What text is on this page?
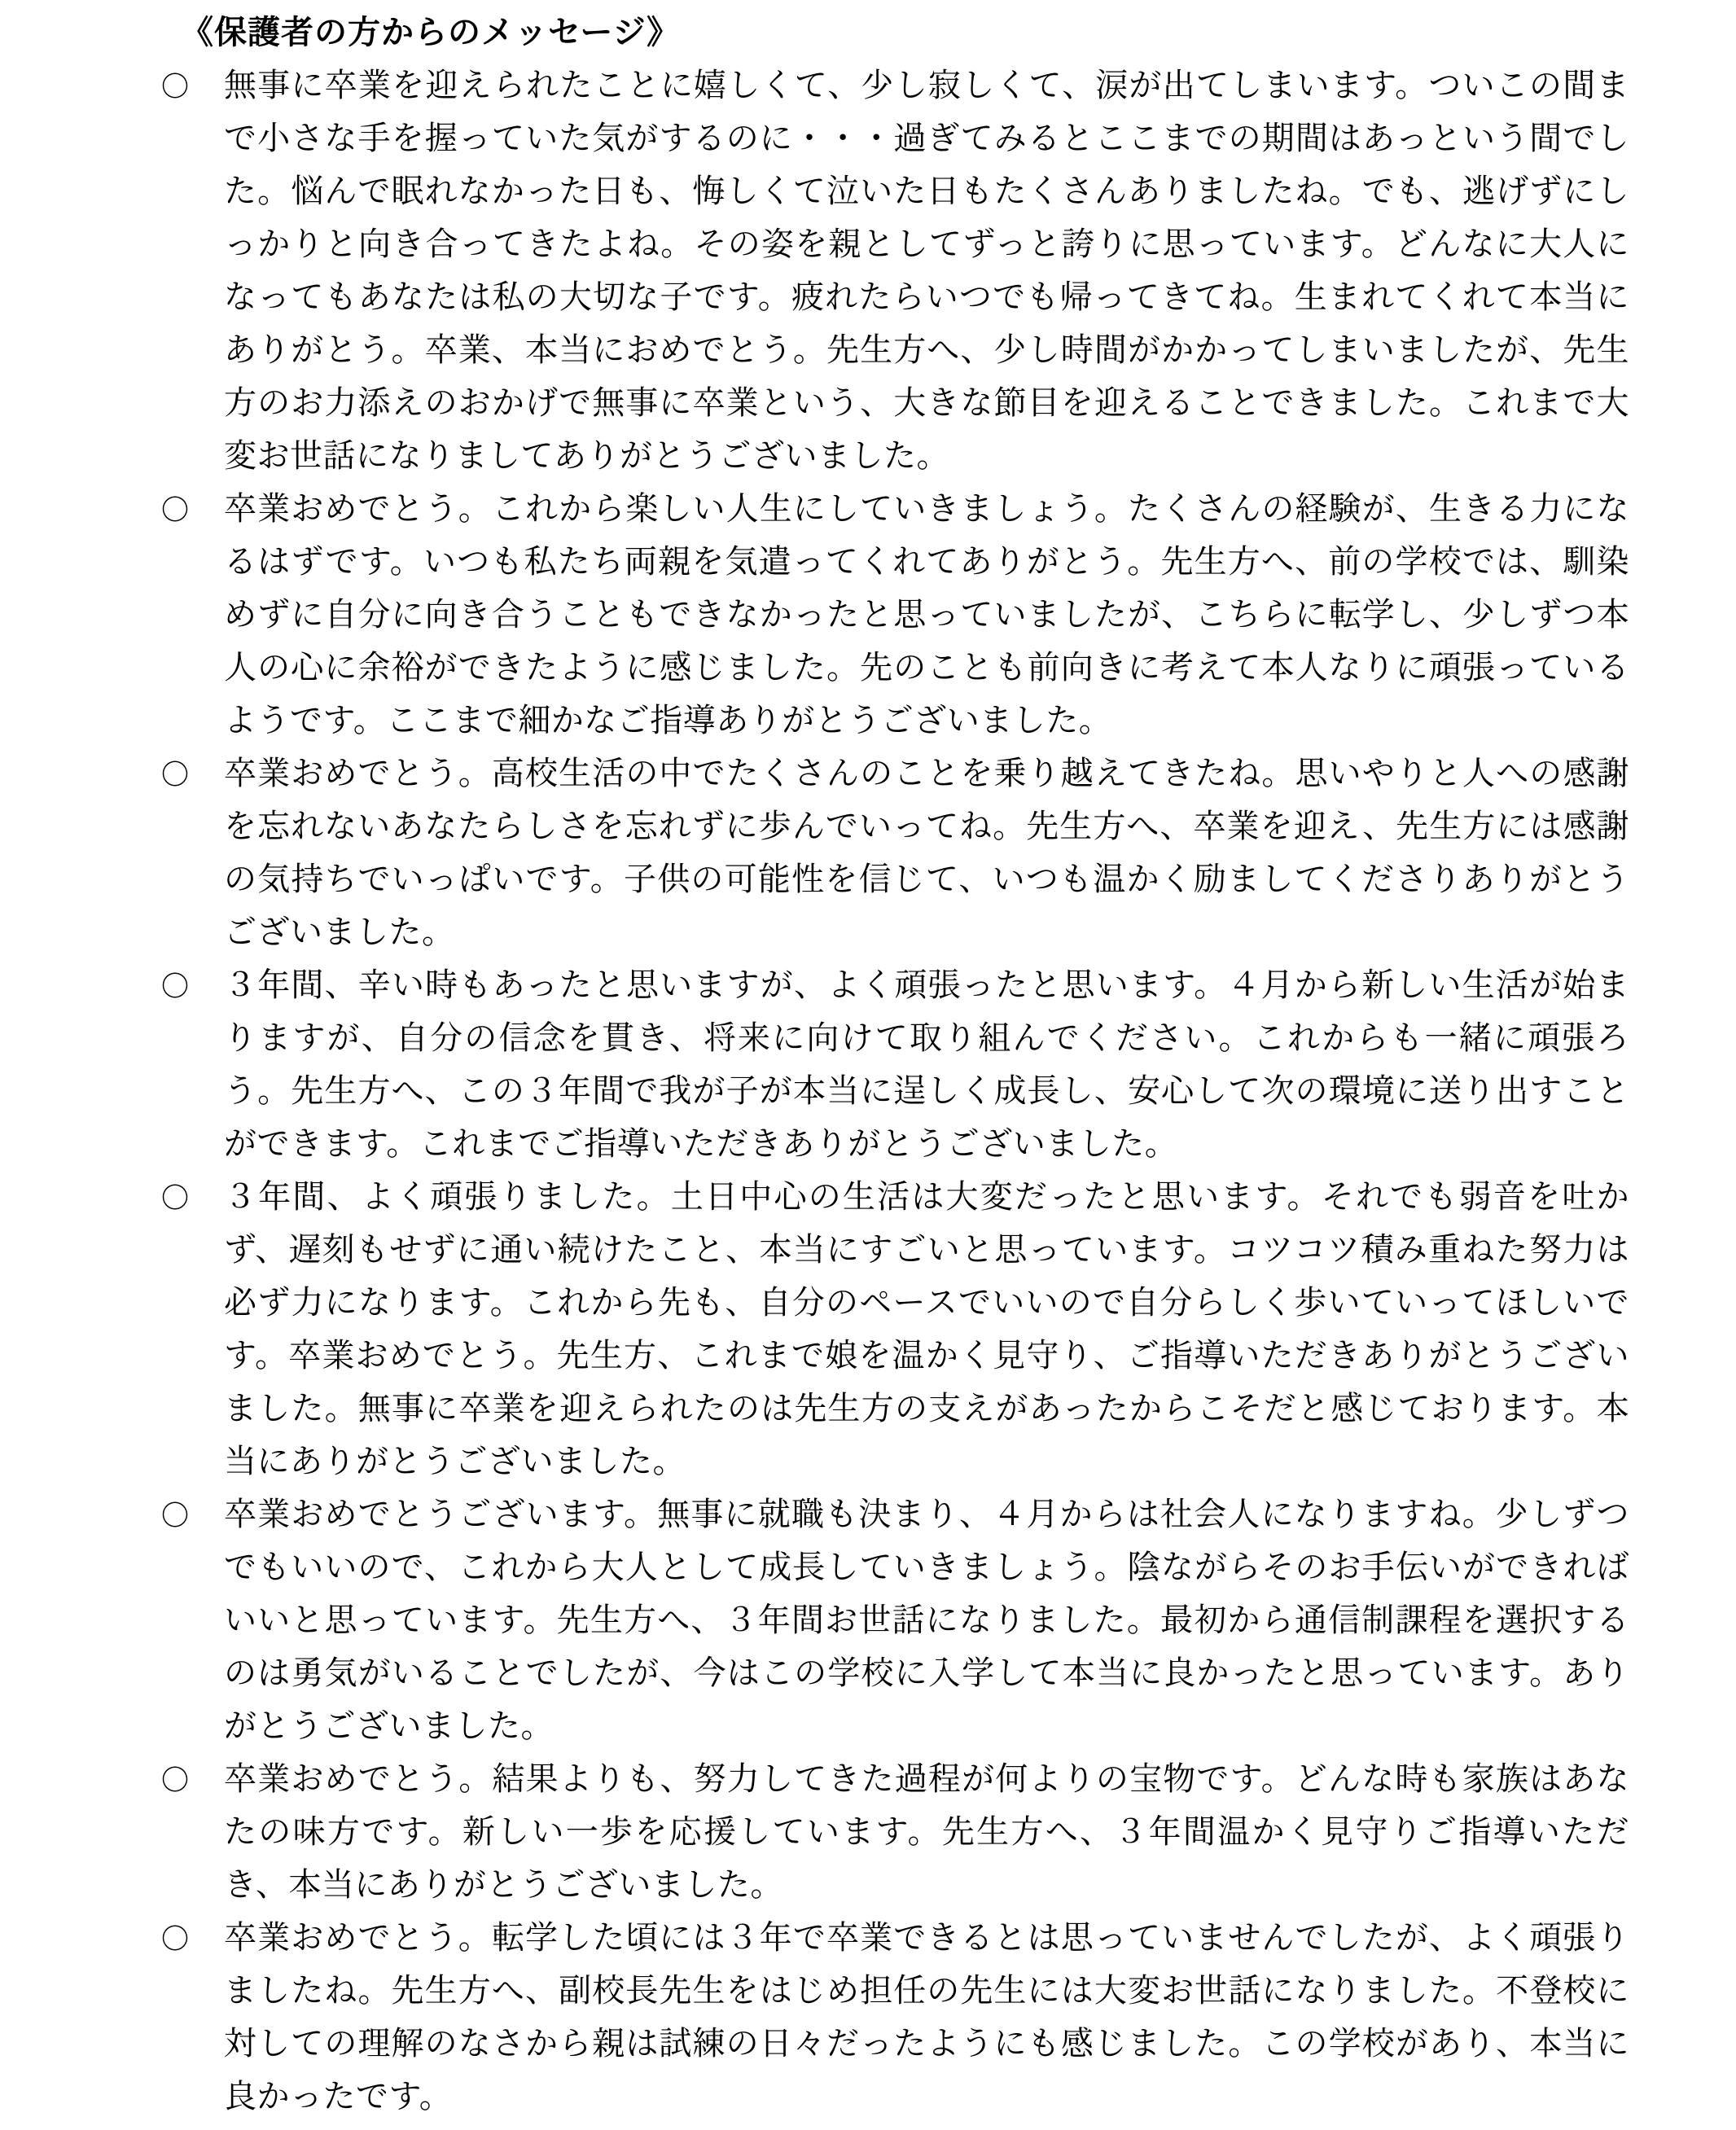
《保護者の方からのメッセージ》
〇	無事に卒業を迎えられたことに嬉しくて、少し寂しくて、涙が出てしまいます。ついこの間まで小さな手を握っていた気がするのに・・・過ぎてみるとここまでの期間はあっという間でした。悩んで眠れなかった日も、悔しくて泣いた日もたくさんありましたね。でも、逃げずにしっかりと向き合ってきたよね。その姿を親としてずっと誇りに思っています。どんなに大人になってもあなたは私の大切な子です。疲れたらいつでも帰ってきてね。生まれてくれて本当にありがとう。卒業、本当におめでとう。先生方へ、少し時間がかかってしまいましたが、先生方のお力添えのおかげで無事に卒業という、大きな節目を迎えることできました。これまで大変お世話になりましてありがとうございました。

〇	卒業おめでとう。これから楽しい人生にしていきましょう。たくさんの経験が、生きる力になるはずです。いつも私たち両親を気遣ってくれてありがとう。先生方へ、前の学校では、馴染めずに自分に向き合うこともできなかったと思っていましたが、こちらに転学し、少しずつ本人の心に余裕ができたように感じました。先のことも前向きに考えて本人なりに頑張っているようです。ここまで細かなご指導ありがとうございました。

〇	卒業おめでとう。高校生活の中でたくさんのことを乗り越えてきたね。思いやりと人への感謝を忘れないあなたらしさを忘れずに歩んでいってね。先生方へ、卒業を迎え、先生方には感謝の気持ちでいっぱいです。子供の可能性を信じて、いつも温かく励ましてくださりありがとうございました。

〇	３年間、辛い時もあったと思いますが、よく頑張ったと思います。４月から新しい生活が始まりますが、自分の信念を貫き、将来に向けて取り組んでください。これからも一緒に頑張ろう。先生方へ、この３年間で我が子が本当に逞しく成長し、安心して次の環境に送り出すことができます。これまでご指導いただきありがとうございました。

〇	３年間、よく頑張りました。土日中心の生活は大変だったと思います。それでも弱音を吐かず、遅刻もせずに通い続けたこと、本当にすごいと思っています。コツコツ積み重ねた努力は必ず力になります。これから先も、自分のペースでいいので自分らしく歩いていってほしいです。卒業おめでとう。先生方、これまで娘を温かく見守り、ご指導いただきありがとうございました。無事に卒業を迎えられたのは先生方の支えがあったからこそだと感じております。本当にありがとうございました。

〇	卒業おめでとうございます。無事に就職も決まり、４月からは社会人になりますね。少しずつでもいいので、これから大人として成長していきましょう。陰ながらそのお手伝いができればいいと思っています。先生方へ、３年間お世話になりました。最初から通信制課程を選択するのは勇気がいることでしたが、今はこの学校に入学して本当に良かったと思っています。ありがとうございました。

〇	卒業おめでとう。結果よりも、努力してきた過程が何よりの宝物です。どんな時も家族はあなたの味方です。新しい一歩を応援しています。先生方へ、３年間温かく見守りご指導いただき、本当にありがとうございました。

〇	卒業おめでとう。転学した頃には３年で卒業できるとは思っていませんでしたが、よく頑張りましたね。先生方へ、副校長先生をはじめ担任の先生には大変お世話になりました。不登校に対しての理解のなさから親は試練の日々だったようにも感じました。この学校があり、本当に良かったです。
